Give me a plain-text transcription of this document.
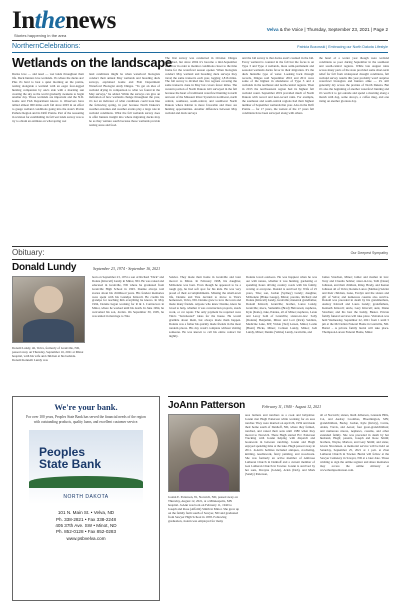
Inthenews
Stories happening in the area
Velva & the Voice | Thursday, September 23, 2021 | Page 2
NorthernCelebrations:	Patricia Bozowski | Embracing our North Dakota Lifestyle
Wetlands on the landscape
Ducks love — and need — wet lands throughout their life. Duck hunters love wetlands. It's where the ducks are! Plus it's hard to beat a quiet morning on the prairie, resting alongside a wetland with an eager four-legged hunting companion by one's side with a morning sun creating the sky as the world gradually awakens to begin another day. Those wetlands are important and the N.D. Game and Fish Department knows it. Observers have tallied almost 900 miles each fall since 2003 in an effort to gauge wetland conditions going into the state's Prairie Pothole Region and its Drift Prairie. Part of the reasoning in revision for establishing its fall wet lands survey was to try to obtain an estimate on what spring wet
land conditions might be when waterfowl biologists conduct their annual May wetlands and breeding duck surveys, explained Game and Fish Department Waterfowl Biologist Andy Dinges. "To get an idea of wetland drying in comparison to what we found in the May surveys," he added. While the surveys can give an indication of how wetlands change throughout the year, it's not an indicator of what conditions could look like the following spring, in part because North Dakota's weather extremes and weather events play a large role in wetland conditions. What the fall wetlands survey does is offer hunters insight into where migrating ducks may be as they venture south because those wetlands provide resting areas and food.
The first survey was conducted in October. Dinges described, but since 2004 it's become a mid-September endeavor in order to monitor conditions closer to the time frame for the waterfowl season opener. When biologists conduct May wetland and breeding duck surveys they travel the same transects each year, logging 1,816 miles. The fall survey is divided into five regions covering the same transects done in May but covers fewer miles. The western portion of North Dakota isn't surveyed in the fall because the heart of traditional waterfowl hunting is north and east of the Missouri River System in northwest, north central, southeast, south-central, and southwest North Dakota where habitat is more favorable and there are hunting opportunities. Another difference between May wetland and duck surveys
and the fall survey is that ducks aren't counted in the fall. Every wetland is counted in the fall but the focus is on Type 3 and Type 4 wetlands, more semi-permanent and seasonal wetlands ducks favor in their migration. It's the duck huntable type of water. Looking back through records, Dinges said September 2010 and 2011 were some of the highest in abundance of Type 3 and 4 wetlands in the northeast and north-central regions. Then in 2013 the northwestern region had its highest fall wetland count. September 2019 provided much of North Dakota with record and near-record rains. For example, the southeast and south-central regions had their highest number of September wetlands that year. Also in the Drift Prairie — for 17 years, the wettest of the 17 years fall conditions have been surveyed along with others.
the heart of a wetter year though were wetland conditions so poor during September in the southeast and south-central regions. While late August rains across many parts of the state provided some short-term relief for fall from widespread drought conditions, fall wetland survey results this year probably won't surprise waterfowl biologists and hunters alike — it's still generally dry across the prairies of North Dakota. But it's also the beginning of another waterfowl hunting and it's worth it to get outside and spend a morning along a marsh with dog, some decoys, a coffee mug, and one rising on another glorious day.
Obituary:	Our Deepest Sympathy
Donald Lundy	September 23, 1974 - September 16, 2021
Donald Lundy, 46, Velva, formerly of Granville, ND, passed away on Thursday, September 16, 2021 at Minot hospital, with his wife and children at his bedside. Donald Kenneth Lundy was
born on September 23, 1974 a son of Richard "Dick" and Donna (Kitzcell) Lundy in Minot, ND. He was raised and educated in Granville, ND where he graduated from Granville High School in 1993. Donnie always told stories about his childhood years. His fondest memories were spent with his Grandpa Kitzcell. He credits his grandpa for teaching him everything he knows. In May 1994, Donnie began working for R & L Contractors in Minot, where he worked until his death. In June 1994, he welcomed his son, Jordan. On September 30, 1995, he was united in marriage to Tina
Solzler. They made their home in Granville and later moved to Minot. In February 1998, his daughter, McKenzie was born. Even though he appeared to be a tough guy, he had soft spot for his kids. He was very proud of their accomplishments. Missing the small-town life, Donnie and Tina decided to move to Tina's hometown, Velva, ND. Donnie grew to love the town and made many friends. Anyone who knew Donnie, knew he loved to help, whether it was construction projects, snack work, or car repair. The only payment he required were Tina's "butt-heated" ideas for the house. He would grumble about them, but always made them happen. Donnie was a father his quickly made friends in the most random places. His day wasn't complete without visiting someone. He was known to call his entire contact list nightly.
Donnie loved outdoors. He was happiest when he was out with nature, whether it was hunting, gardening or spending hours driving country roads with his family, waving at everyone. Donald is survived by: Wife of 25 years, Tina; son, Jordan (Sydney) Lundy; daughter, McKenzie (Blake Gauge), Minot; parents, Richard and Donna (Kitzcell) Lundy, Granville; maternal grandfather, Donald Kitzcell, Granville; brother, Lance Lundy, Granville; niece, Samantha (Brad) Halvorsen; nephews, Kyle (Katie), Jake, Paislee, all of Minot; nephews, Lexie and Leroy both of Granville; sisters-in-law: Sally (Donnie) Benjamin, Minot and Lori (Rick) Seidlers, Medicine Lake, MT; Vickie (Ted) Larsen, Minot; Leslie (Brent) Hicks, Minot; Colleen Lundy, Minot; Jodi Lundy, Minot; Dennis (Velma) Lundy, Granville, and
James Strachen, Minot; father and mother in law: Tony and Claudia Selzler; sister-in-law, Tolli (Dean) Johnson, and their children, Riley, Brady, and Kenon Johnson all of Velva; Ronnie Lance (Melissa) Selzler and their children, Luke, Evelyn and the sisters and gift of Velva; and numerous cousins also survive. Donald was preceded in death by his grandmothers, Audrey Kitzcell and Laura Lundy; grandfathers, Kenneth Kitzcell; uncle, Gary Kitzcell; aunt, Diane Strachen; and his best the buddy, Buster. Private family funeral services will take place. Visitation was held Wednesday, September 22, 2021 from 1 until 5 pm at the McClellon Funeral Home in Granville, ND. Burial – A private family burial will take place. Thompson-Larson Funeral Home, Minot
We're your bank.
For over 100 years, Peoples State Bank has served the financial needs of the region with outstanding products, quality loans, and excellent customer service.
Peoples
State Bank
NORTH DAKOTA
101 N. Main St. • Velva, ND
Ph. 338-2821 • Fax 338-2248
405 37th Ave. SW • Minot, ND
Ph. 852-0128 • Fax 852-0283
www.psbvelva.com
JoAnn Patterson	February 11, 1940 - August 12, 2021
JoAnn E. Patterson, 81, Norwich, ND, passed away on Thursday, August 12, 2021, at a Minneapolis, MN hospital. JoAnn was born on February 11, 1940 to Joseph and Rose (Affeldt) Smith in Minot. She grew up on the family farm south of Sawyer, ND and graduated from Sawyer High School in 1958. Following graduation, JoAnn was employed for many
area farmers and ranchers as a cook and babysitter. JoAnn met Hugh Patterson while working for an area rancher. They were married on April 26, 1959 and made their home south of Denhoff, ND, where they farmed, ranched, and raised their sons until 1980 when they moved to Norwich. There Hugh started H.J. Patterson Trucking with JoAnn helping with dispatch and bookwork in between ranching. JoAnn and Hugh enjoyed spending time at the lake. Hugh passed away in 2011. JoAnn's hobbies included antiques, crocheting, knitting, needlework, fancy painting, and woodwork. She was formerly an active member of Ambrose Lutheran Church in Denhoff and a current member of Gen Lutheran Church in Towner. JoAnn is survived by her sons, Dwayne (JoAnn), Arlen (Deb), and Mark (Sandy) Patterson,
all of Norwich; sisters, Ruth Jefferson, Granada Hills, CA, and Audrey Coombes, Bloomington, MN; grandchildren, Becky, Jordan, Kyle (Kristy), Carrie, Aiden, Travis, and Aaron; four great-grandchildren; and numerous nieces, nephews, cousins, and other extended family. She was preceded in death by her husband, Hugh; parents, Joseph and Rose Smith; brothers, Wayne, Marlow, and Gary Smith; and sister, Gloria Nicolaisen. A memorial service will be held on Saturday, September 25, 2021 at 1 p.m. at Zion Lutheran Church in Towner. Burial will follow at the Sawyer Cemetery in Sawyer, ND at a later date. Those wishing to sign the online register and share memories may access the online obituary at www.thompsonlarson.com.
